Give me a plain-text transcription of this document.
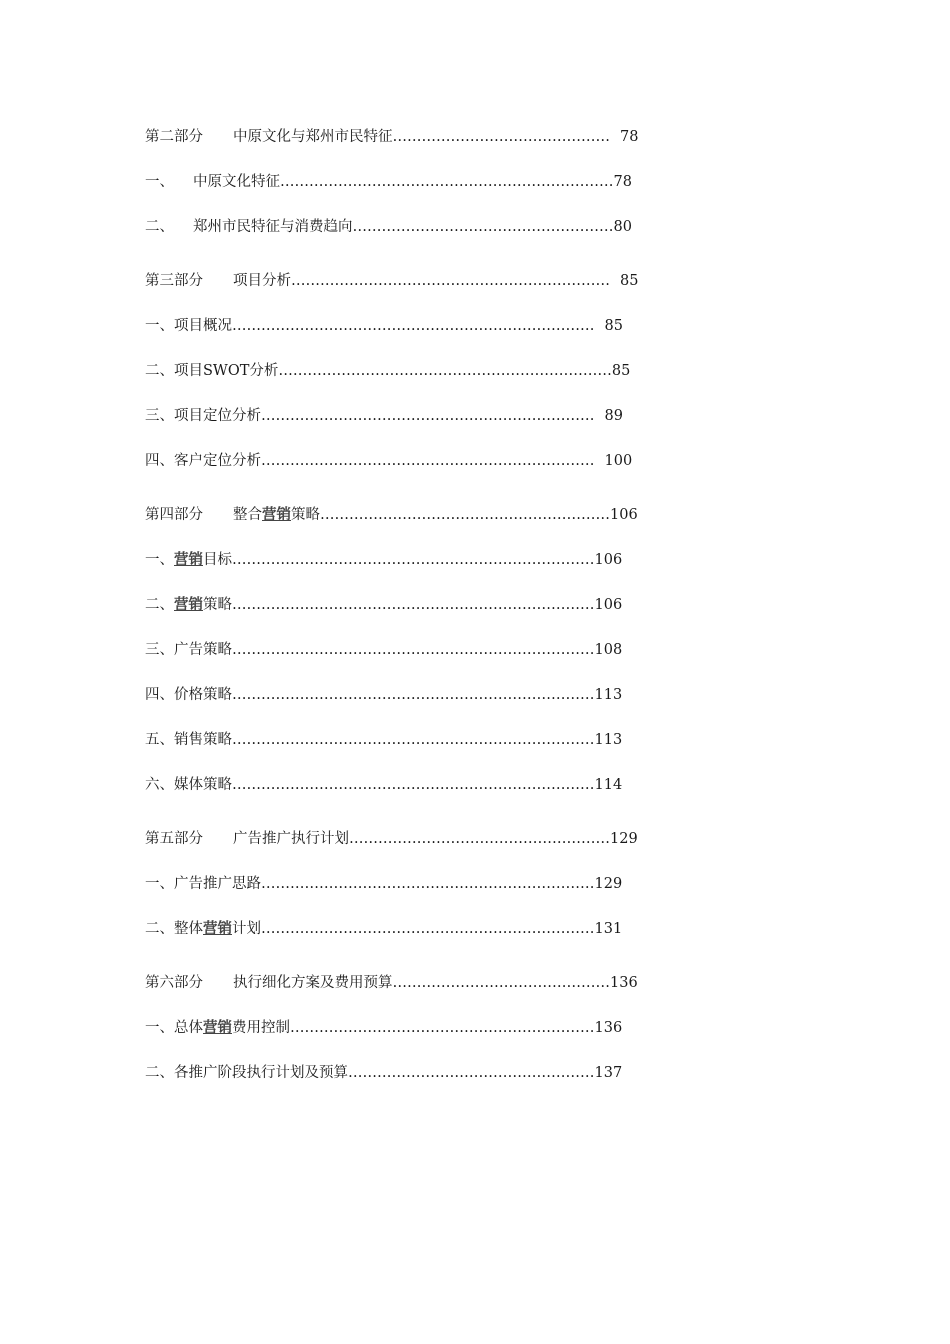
第二部分 中原文化与郑州市民特征……………………………………… 78
一、 中原文化特征……………………………………………………………78
二、 郑州市民特征与消费趋向………………………………………………80
第三部分 项目分析………………………………………………………… 85
一、项目概况………………………………………………………………… 85
二、项目SWOT分析……………………………………………………………85
三、项目定位分析…………………………………………………………… 89
四、客户定位分析…………………………………………………………… 100
第四部分 整合营销策略……………………………………………………106
一、营销目标…………………………………………………………………106
二、营销策略…………………………………………………………………106
三、广告策略…………………………………………………………………108
四、价格策略…………………………………………………………………113
五、销售策略…………………………………………………………………113
六、媒体策略…………………………………………………………………114
第五部分 广告推广执行计划………………………………………………129
一、广告推广思路……………………………………………………………129
二、整体营销计划……………………………………………………………131
第六部分 执行细化方案及费用预算………………………………………136
一、总体营销费用控制………………………………………………………136
二、各推广阶段执行计划及预算……………………………………………137
